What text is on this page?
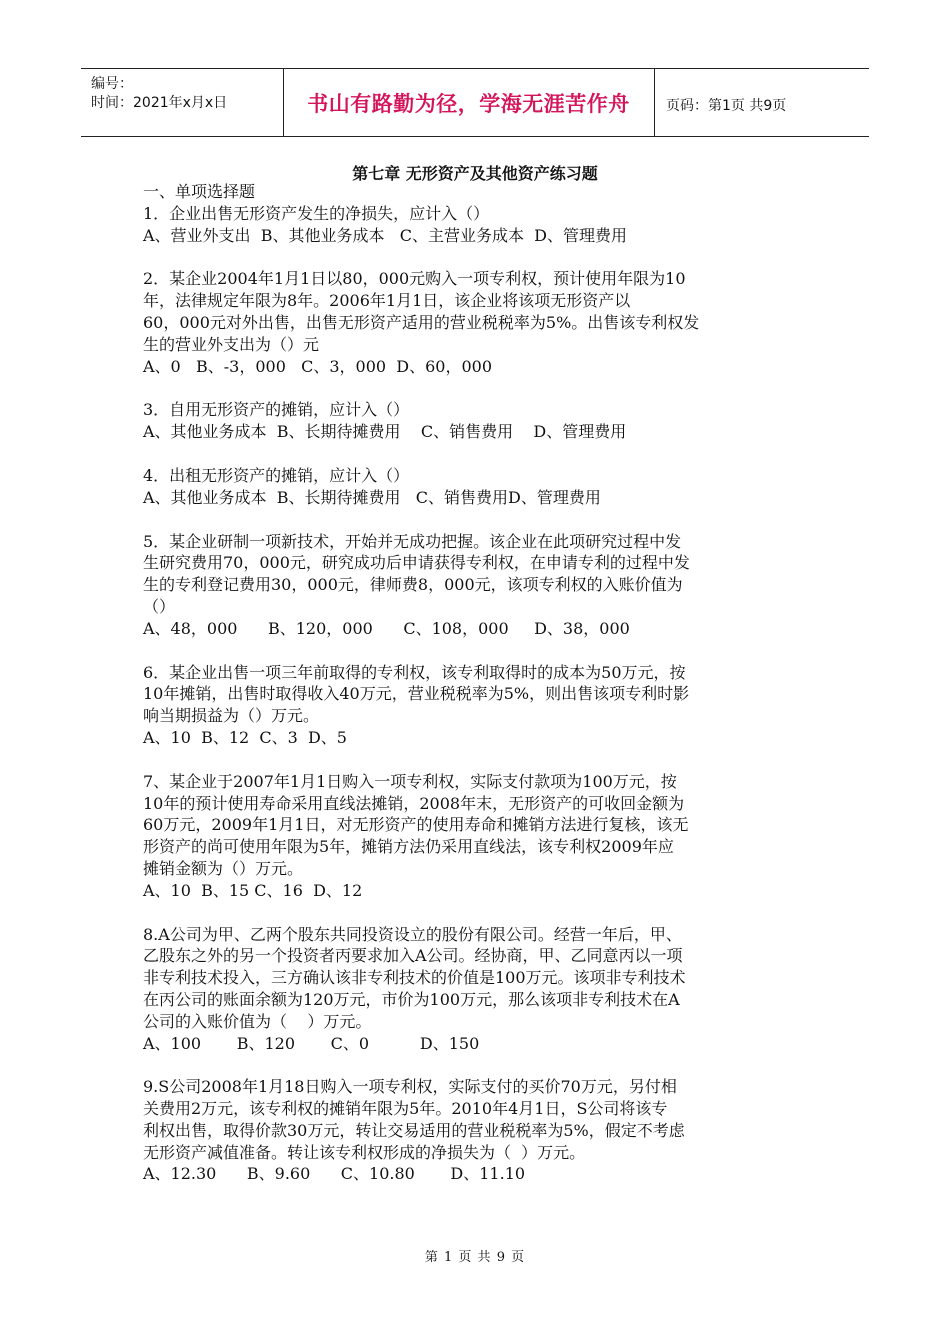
编号：
时间：2021年x月x日	书山有路勤为径，学海无涯苦作舟	页码：第1页 共9页
第七章 无形资产及其他资产练习题
一、单项选择题
1．企业出售无形资产发生的净损失，应计入（）
A、营业外支出  B、其他业务成本   C、主营业务成本  D、管理费用
2．某企业2004年1月1日以80，000元购入一项专利权，预计使用年限为10
年，法律规定年限为8年。2006年1月1日，该企业将该项无形资产以
60，000元对外出售，出售无形资产适用的营业税税率为5%。出售该专利权发
生的营业外支出为（）元
A、0   B、-3，000   C、3，000  D、60，000
3．自用无形资产的摊销，应计入（）
A、其他业务成本  B、长期待摊费用    C、销售费用    D、管理费用
4．出租无形资产的摊销，应计入（）
A、其他业务成本  B、长期待摊费用   C、销售费用D、管理费用
5．某企业研制一项新技术，开始并无成功把握。该企业在此项研究过程中发
生研究费用70，000元，研究成功后申请获得专利权，在申请专利的过程中发
生的专利登记费用30，000元，律师费8，000元，该项专利权的入账价值为
（）
A、48，000      B、120，000      C、108，000     D、38，000
6．某企业出售一项三年前取得的专利权，该专利取得时的成本为50万元，按
10年摊销，出售时取得收入40万元，营业税税率为5%，则出售该项专利时影
响当期损益为（）万元。
A、10  B、12  C、3  D、5
7、某企业于2007年1月1日购入一项专利权，实际支付款项为100万元，按
10年的预计使用寿命采用直线法摊销，2008年末，无形资产的可收回金额为
60万元，2009年1月1日，对无形资产的使用寿命和摊销方法进行复核，该无
形资产的尚可使用年限为5年，摊销方法仍采用直线法，该专利权2009年应
摊销金额为（）万元。
A、10  B、15 C、16  D、12
8.A公司为甲、乙两个股东共同投资设立的股份有限公司。经营一年后，甲、
乙股东之外的另一个投资者丙要求加入A公司。经协商，甲、乙同意丙以一项
非专利技术投入，三方确认该非专利技术的价值是100万元。该项非专利技术
在丙公司的账面余额为120万元，市价为100万元，那么该项非专利技术在A
公司的入账价值为（    ）万元。
A、100       B、120       C、0          D、150
9.S公司2008年1月18日购入一项专利权，实际支付的买价70万元，另付相
关费用2万元，该专利权的摊销年限为5年。2010年4月1日，S公司将该专
利权出售，取得价款30万元，转让交易适用的营业税税率为5%，假定不考虑
无形资产减值准备。转让该专利权形成的净损失为（  ）万元。
A、12.30      B、9.60      C、10.80       D、11.10
第 1 页 共 9 页
